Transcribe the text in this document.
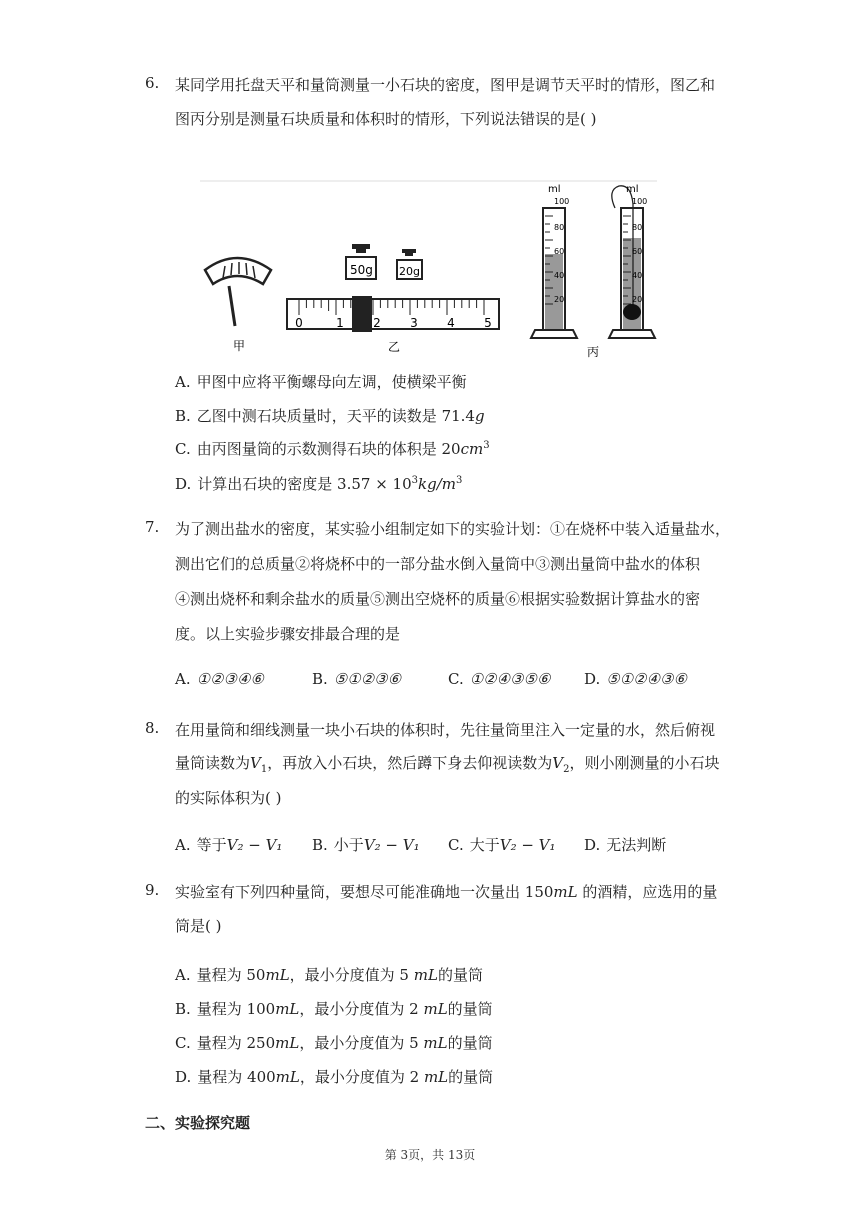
6. 某同学用托盘天平和量筒测量一小石块的密度，图甲是调节天平时的情形，图乙和
图丙分别是测量石块质量和体积时的情形，下列说法错误的是( )
甲
50g 20g
0	1 2 3 4 5
乙
ml
100
80
60
40
20
ml
100
80
60
40
20
丙
A. 甲图中应将平衡螺母向左调，使横梁平衡
B. 乙图中测石块质量时，天平的读数是 71.4g
C. 由丙图量筒的示数测得石块的体积是 $20cm^3$
D. 计算出石块的密度是 $3.57 \times 10^3kg/m^3$
7. 为了测出盐水的密度，某实验小组制定如下的实验计划：①在烧杯中装入适量盐水，
测出它们的总质量②将烧杯中的一部分盐水倒入量筒中③测出量筒中盐水的体积
④测出烧杯和剩余盐水的质量⑤测出空烧杯的质量⑥根据实验数据计算盐水的密
度。以上实验步骤安排最合理的是
A. ①②③④⑥	B. ⑤①②③⑥	C. ①②④③⑤⑥ D. ⑤①②④③⑥
8. 在用量筒和细线测量一块小石块的体积时，先往量筒里注入一定量的水，然后俯视
量筒读数为$V_1$，再放入小石块，然后蹲下身去仰视读数为$V_2$，则小刚测量的小石块
的实际体积为( )
A. 等于V₂ − V₁ B. 小于V₂ − V₁ C. 大于V₂ − V₁ D. 无法判断
9. 实验室有下列四种量筒，要想尽可能准确地一次量出 150mL 的酒精，应选用的量
筒是( )
A. 量程为 50mL，最小分度值为 5 mL的量筒
B. 量程为 100mL，最小分度值为 2 mL的量筒
C. 量程为 250mL，最小分度值为 5 mL的量筒
D. 量程为 400mL，最小分度值为 2 mL的量筒
二、实验探究题
第 3页，共 13页
